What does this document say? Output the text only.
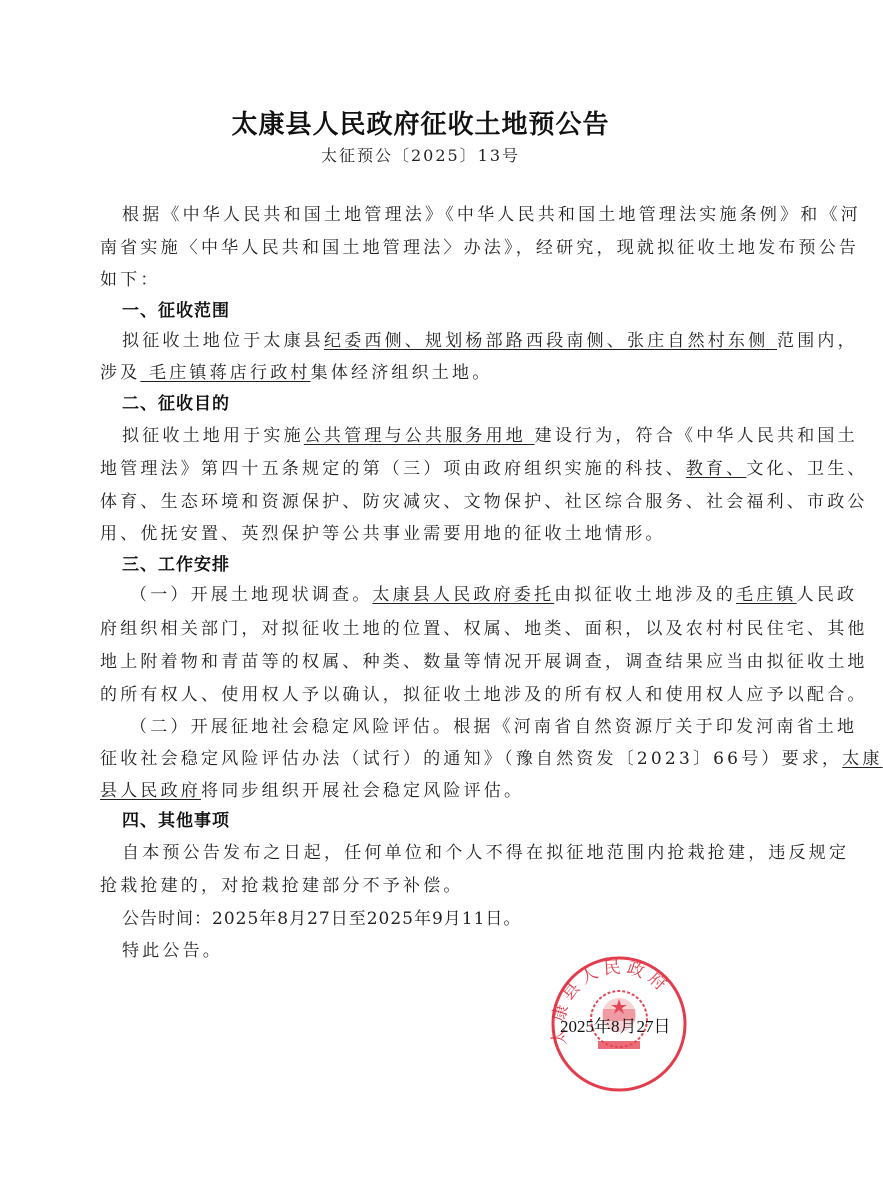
太康县人民政府征收土地预公告
太征预公〔2025〕13号
根据《中华人民共和国土地管理法》《中华人民共和国土地管理法实施条例》和《河
南省实施〈中华人民共和国土地管理法〉办法》，经研究，现就拟征收土地发布预公告
如下：
一、征收范围
拟征收土地位于太康县纪委西侧、规划杨部路西段南侧、张庄自然村东侧 范围内，
涉及 毛庄镇蒋店行政村集体经济组织土地。
二、征收目的
拟征收土地用于实施公共管理与公共服务用地 建设行为，符合《中华人民共和国土
地管理法》第四十五条规定的第（三）项由政府组织实施的科技、教育、文化、卫生、
体育、生态环境和资源保护、防灾减灾、文物保护、社区综合服务、社会福利、市政公
用、优抚安置、英烈保护等公共事业需要用地的征收土地情形。
三、工作安排
（一）开展土地现状调查。太康县人民政府委托由拟征收土地涉及的毛庄镇人民政
府组织相关部门，对拟征收土地的位置、权属、地类、面积，以及农村村民住宅、其他
地上附着物和青苗等的权属、种类、数量等情况开展调查，调查结果应当由拟征收土地
的所有权人、使用权人予以确认，拟征收土地涉及的所有权人和使用权人应予以配合。
（二）开展征地社会稳定风险评估。根据《河南省自然资源厅关于印发河南省土地
征收社会稳定风险评估办法（试行）的通知》（豫自然资发〔2023〕66号）要求，太康
县人民政府将同步组织开展社会稳定风险评估。
四、其他事项
自本预公告发布之日起，任何单位和个人不得在拟征地范围内抢栽抢建，违反规定
抢栽抢建的，对抢栽抢建部分不予补偿。
公告时间：2025年8月27日至2025年9月11日。
特此公告。
太康县人民政府
2025年8月27日
